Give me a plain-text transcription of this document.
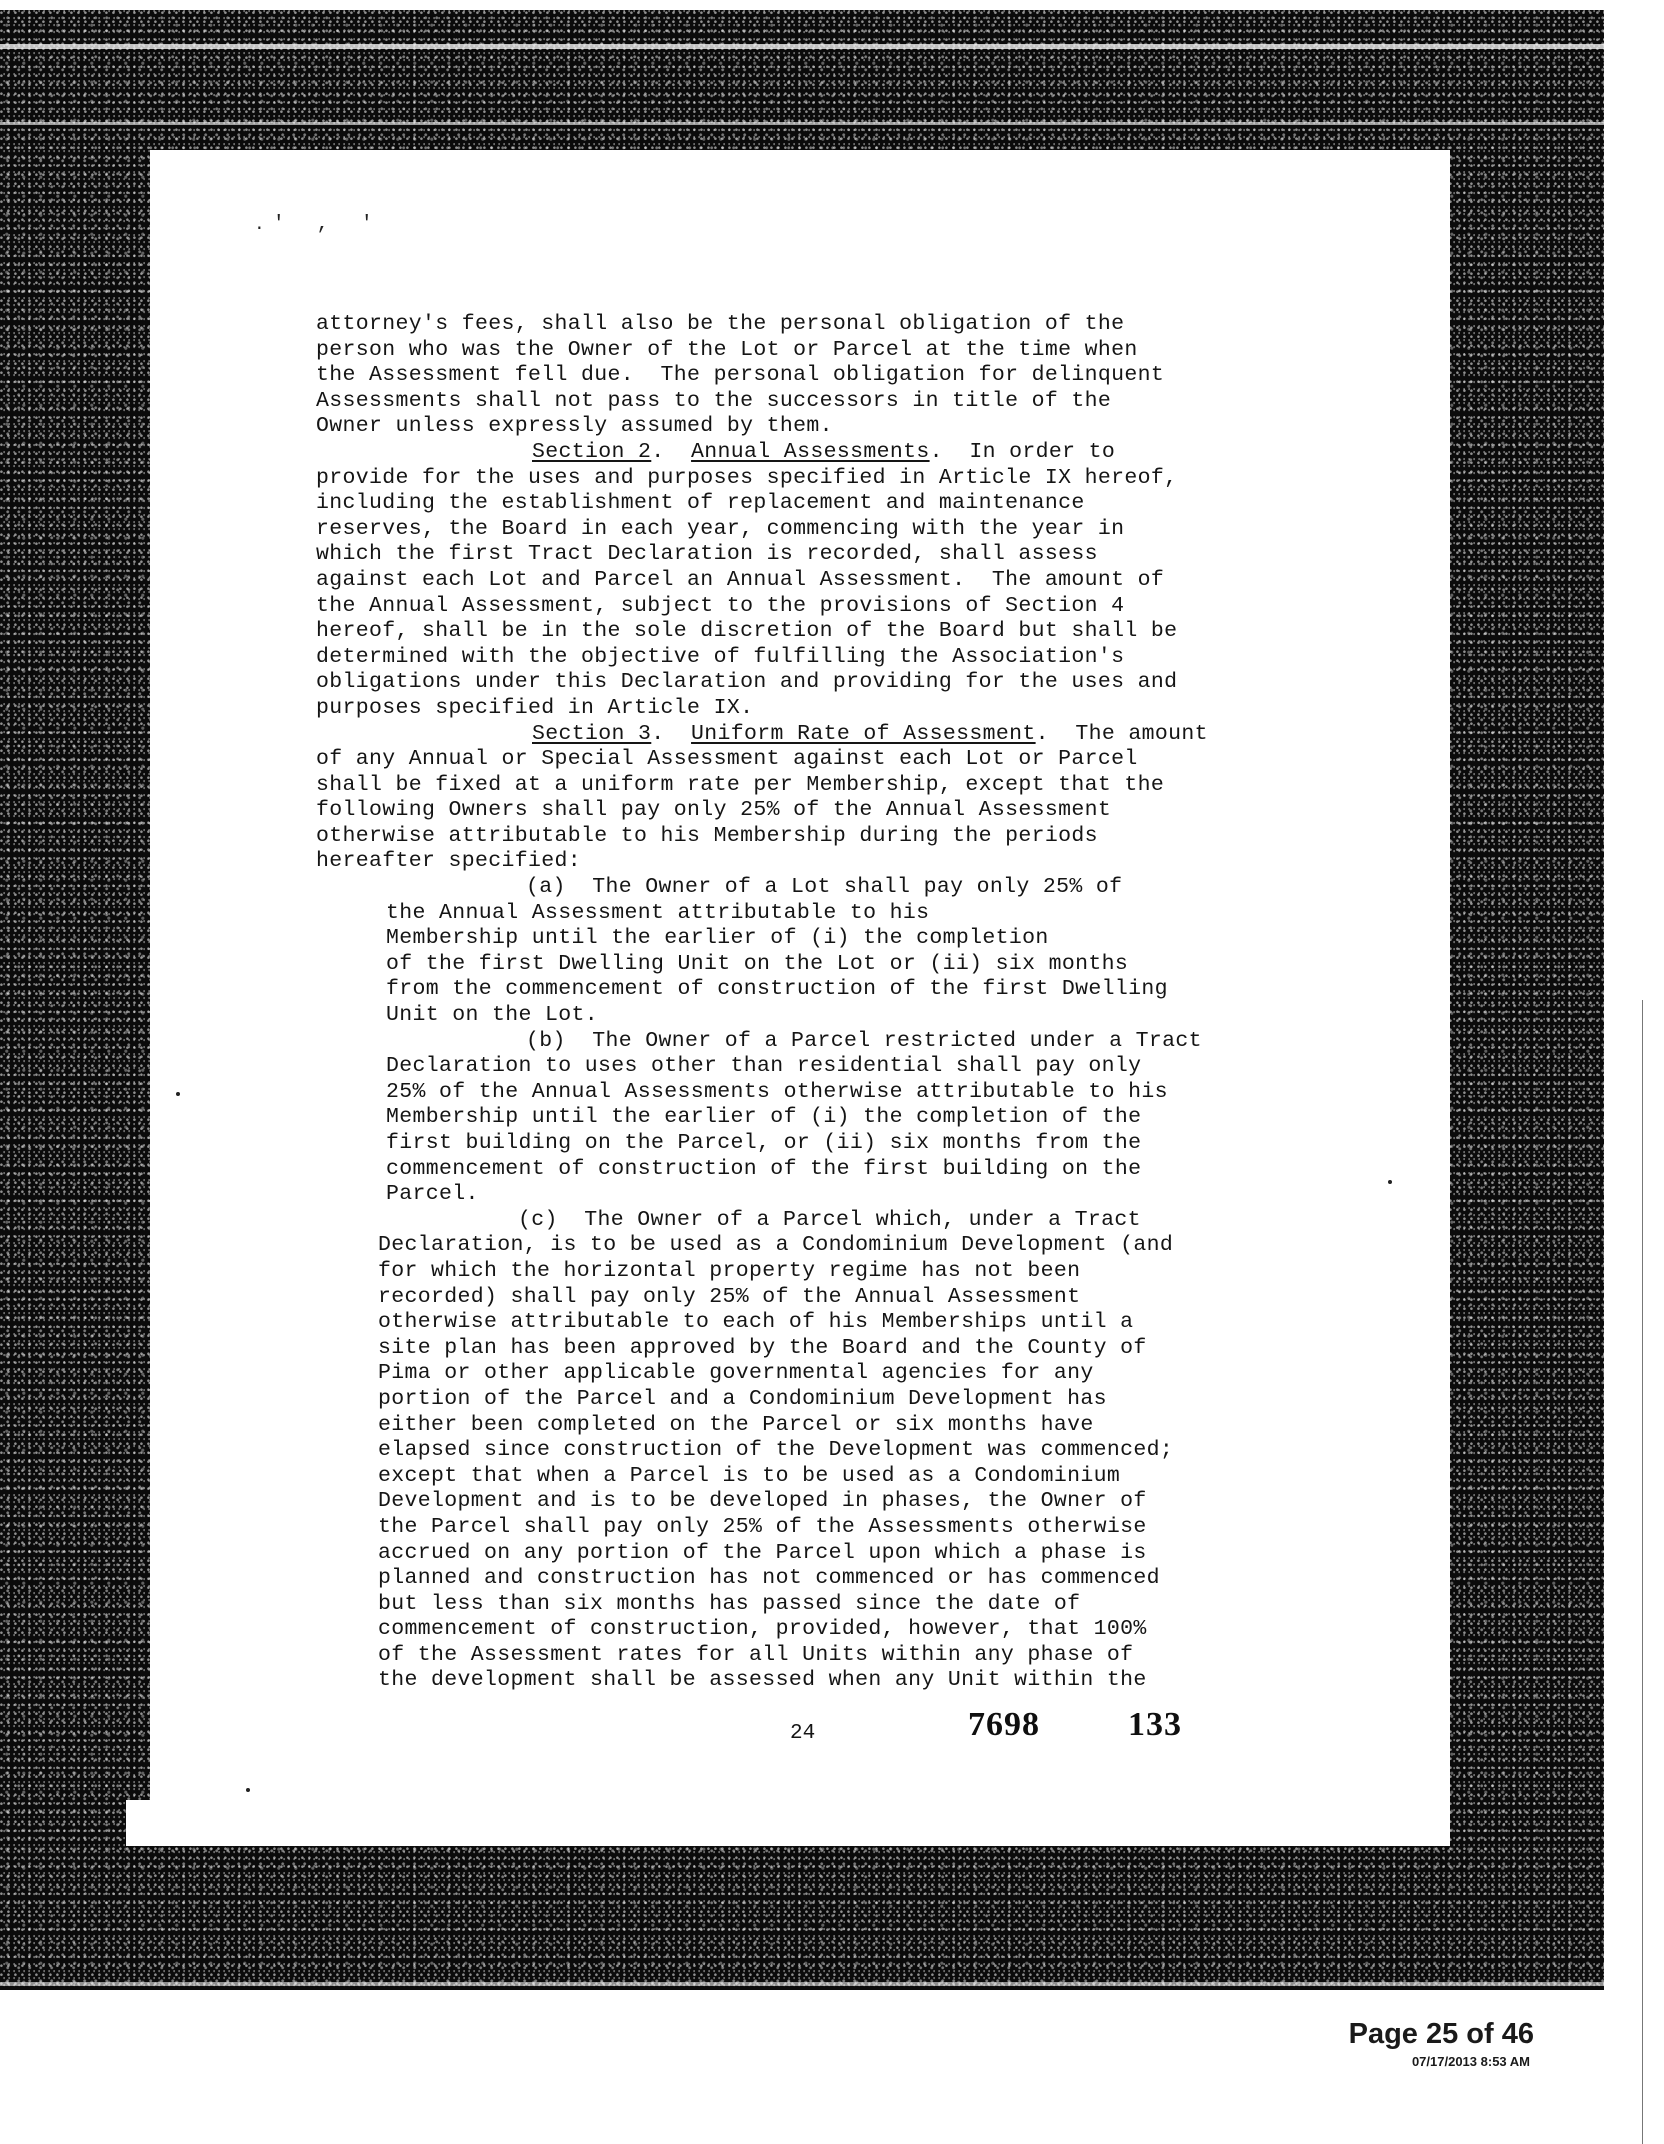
․' , '
attorney's fees, shall also be the personal obligation of the
person who was the Owner of the Lot or Parcel at the time when
the Assessment fell due.  The personal obligation for delinquent
Assessments shall not pass to the successors in title of the
Owner unless expressly assumed by them.
Section 2.  Annual Assessments.  In order to
provide for the uses and purposes specified in Article IX hereof,
including the establishment of replacement and maintenance
reserves, the Board in each year, commencing with the year in
which the first Tract Declaration is recorded, shall assess
against each Lot and Parcel an Annual Assessment.  The amount of
the Annual Assessment, subject to the provisions of Section 4
hereof, shall be in the sole discretion of the Board but shall be
determined with the objective of fulfilling the Association's
obligations under this Declaration and providing for the uses and
purposes specified in Article IX.
Section 3.  Uniform Rate of Assessment.  The amount
of any Annual or Special Assessment against each Lot or Parcel
shall be fixed at a uniform rate per Membership, except that the
following Owners shall pay only 25% of the Annual Assessment
otherwise attributable to his Membership during the periods
hereafter specified:
(a)  The Owner of a Lot shall pay only 25% of
the Annual Assessment attributable to his
Membership until the earlier of (i) the completion
of the first Dwelling Unit on the Lot or (ii) six months
from the commencement of construction of the first Dwelling
Unit on the Lot.
(b)  The Owner of a Parcel restricted under a Tract
Declaration to uses other than residential shall pay only
25% of the Annual Assessments otherwise attributable to his
Membership until the earlier of (i) the completion of the
first building on the Parcel, or (ii) six months from the
commencement of construction of the first building on the
Parcel.
(c)  The Owner of a Parcel which, under a Tract
Declaration, is to be used as a Condominium Development (and
for which the horizontal property regime has not been
recorded) shall pay only 25% of the Annual Assessment
otherwise attributable to each of his Memberships until a
site plan has been approved by the Board and the County of
Pima or other applicable governmental agencies for any
portion of the Parcel and a Condominium Development has
either been completed on the Parcel or six months have
elapsed since construction of the Development was commenced;
except that when a Parcel is to be used as a Condominium
Development and is to be developed in phases, the Owner of
the Parcel shall pay only 25% of the Assessments otherwise
accrued on any portion of the Parcel upon which a phase is
planned and construction has not commenced or has commenced
but less than six months has passed since the date of
commencement of construction, provided, however, that 100%
of the Assessment rates for all Units within any phase of
the development shall be assessed when any Unit within the
24	7698	133
Page 25 of 46
07/17/2013 8:53 AM
